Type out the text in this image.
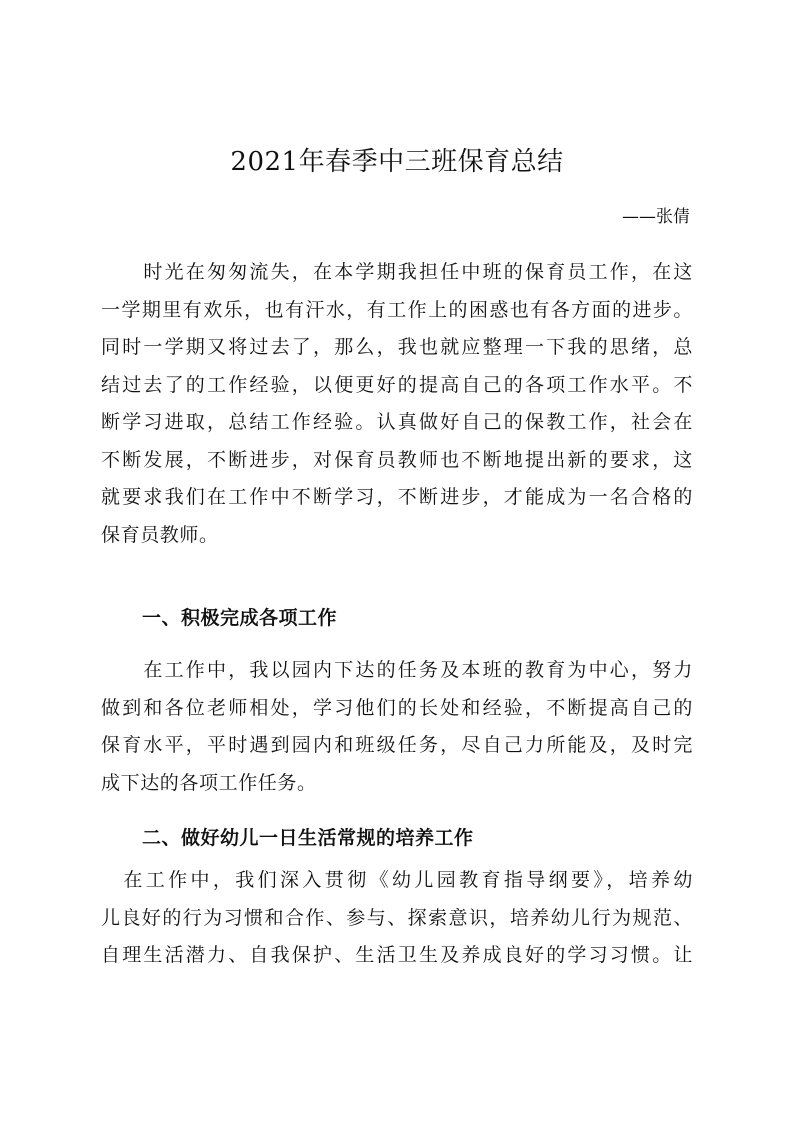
2021年春季中三班保育总结
——张倩
　　时光在匆匆流失，在本学期我担任中班的保育员工作，在这
一学期里有欢乐，也有汗水，有工作上的困惑也有各方面的进步。
同时一学期又将过去了，那么，我也就应整理一下我的思绪，总
结过去了的工作经验，以便更好的提高自己的各项工作水平。不
断学习进取，总结工作经验。认真做好自己的保教工作，社会在
不断发展，不断进步，对保育员教师也不断地提出新的要求，这
就要求我们在工作中不断学习，不断进步，才能成为一名合格的
保育员教师。
一、积极完成各项工作
　　在工作中，我以园内下达的任务及本班的教育为中心，努力
做到和各位老师相处，学习他们的长处和经验，不断提高自己的
保育水平，平时遇到园内和班级任务，尽自己力所能及，及时完
成下达的各项工作任务。
二、做好幼儿一日生活常规的培养工作
　在工作中，我们深入贯彻《幼儿园教育指导纲要》，培养幼
儿良好的行为习惯和合作、参与、探索意识，培养幼儿行为规范、
自理生活潜力、自我保护、生活卫生及养成良好的学习习惯。让
